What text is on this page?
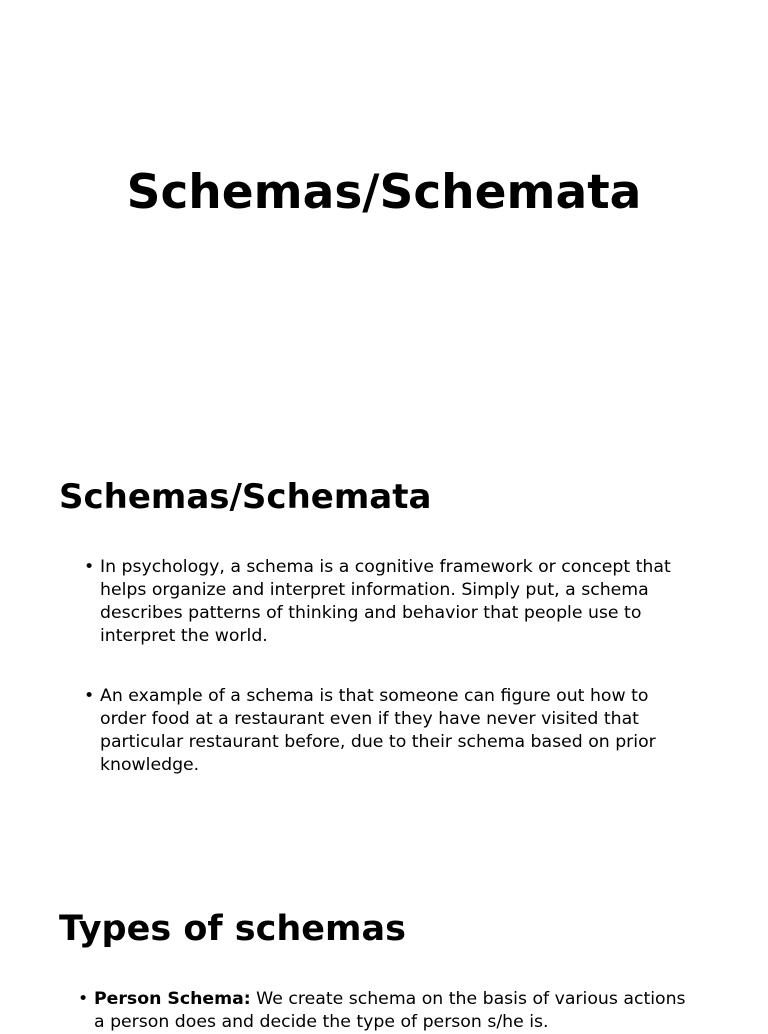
Schemas/Schemata
Schemas/Schemata
• In psychology, a schema is a cognitive framework or concept that helps organize and interpret information. Simply put, a schema describes patterns of thinking and behavior that people use to interpret the world.
• An example of a schema is that someone can figure out how to order food at a restaurant even if they have never visited that particular restaurant before, due to their schema based on prior knowledge.
Types of schemas
• Person Schema: We create schema on the basis of various actions a person does and decide the type of person s/he is.
